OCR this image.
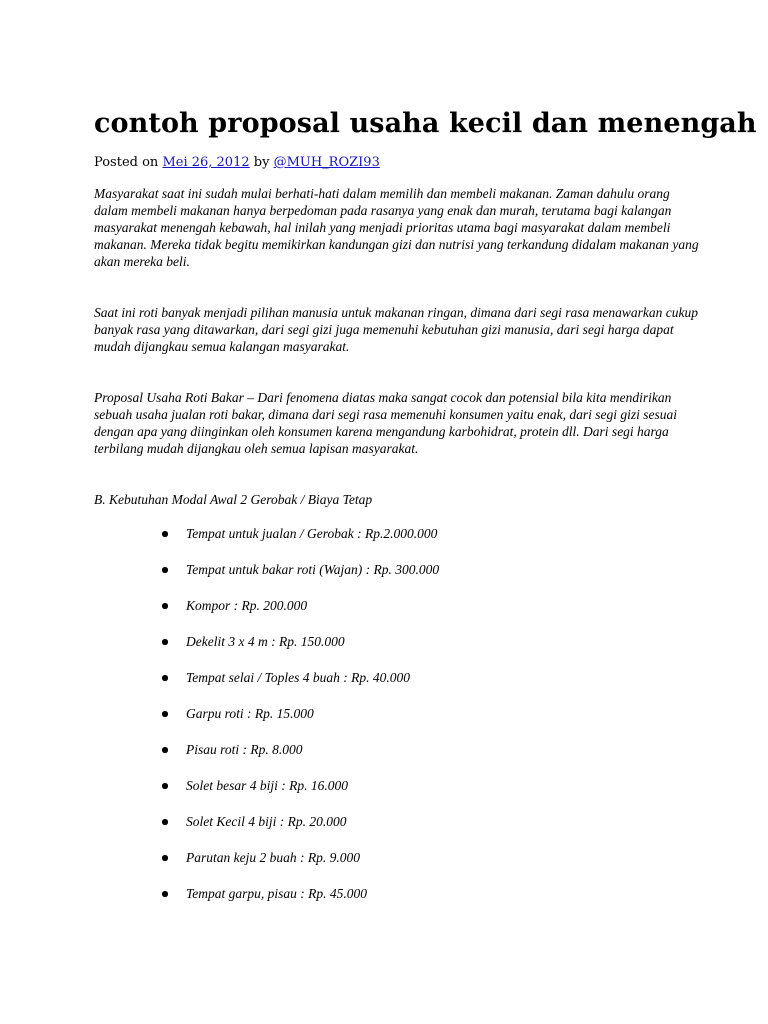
contoh proposal usaha kecil dan menengah
Posted on Mei 26, 2012 by @MUH_ROZI93

Masyarakat saat ini sudah mulai berhati-hati dalam memilih dan membeli makanan. Zaman dahulu orang dalam membeli makanan hanya berpedoman pada rasanya yang enak dan murah, terutama bagi kalangan masyarakat menengah kebawah, hal inilah yang menjadi prioritas utama bagi masyarakat dalam membeli makanan. Mereka tidak begitu memikirkan kandungan gizi dan nutrisi yang terkandung didalam makanan yang akan mereka beli.

Saat ini roti banyak menjadi pilihan manusia untuk makanan ringan, dimana dari segi rasa menawarkan cukup banyak rasa yang ditawarkan, dari segi gizi juga memenuhi kebutuhan gizi manusia, dari segi harga dapat mudah dijangkau semua kalangan masyarakat.

Proposal Usaha Roti Bakar – Dari fenomena diatas maka sangat cocok dan potensial bila kita mendirikan sebuah usaha jualan roti bakar, dimana dari segi rasa memenuhi konsumen yaitu enak, dari segi gizi sesuai dengan apa yang diinginkan oleh konsumen karena mengandung karbohidrat, protein dll. Dari segi harga terbilang mudah dijangkau oleh semua lapisan masyarakat.

B. Kebutuhan Modal Awal 2 Gerobak / Biaya Tetap

Tempat untuk jualan / Gerobak : Rp.2.000.000
Tempat untuk bakar roti (Wajan) : Rp. 300.000
Kompor : Rp. 200.000
Dekelit 3 x 4 m : Rp. 150.000
Tempat selai / Toples 4 buah : Rp. 40.000
Garpu roti : Rp. 15.000
Pisau roti : Rp. 8.000
Solet besar 4 biji : Rp. 16.000
Solet Kecil 4 biji : Rp. 20.000
Parutan keju 2 buah : Rp. 9.000
Tempat garpu, pisau : Rp. 45.000
